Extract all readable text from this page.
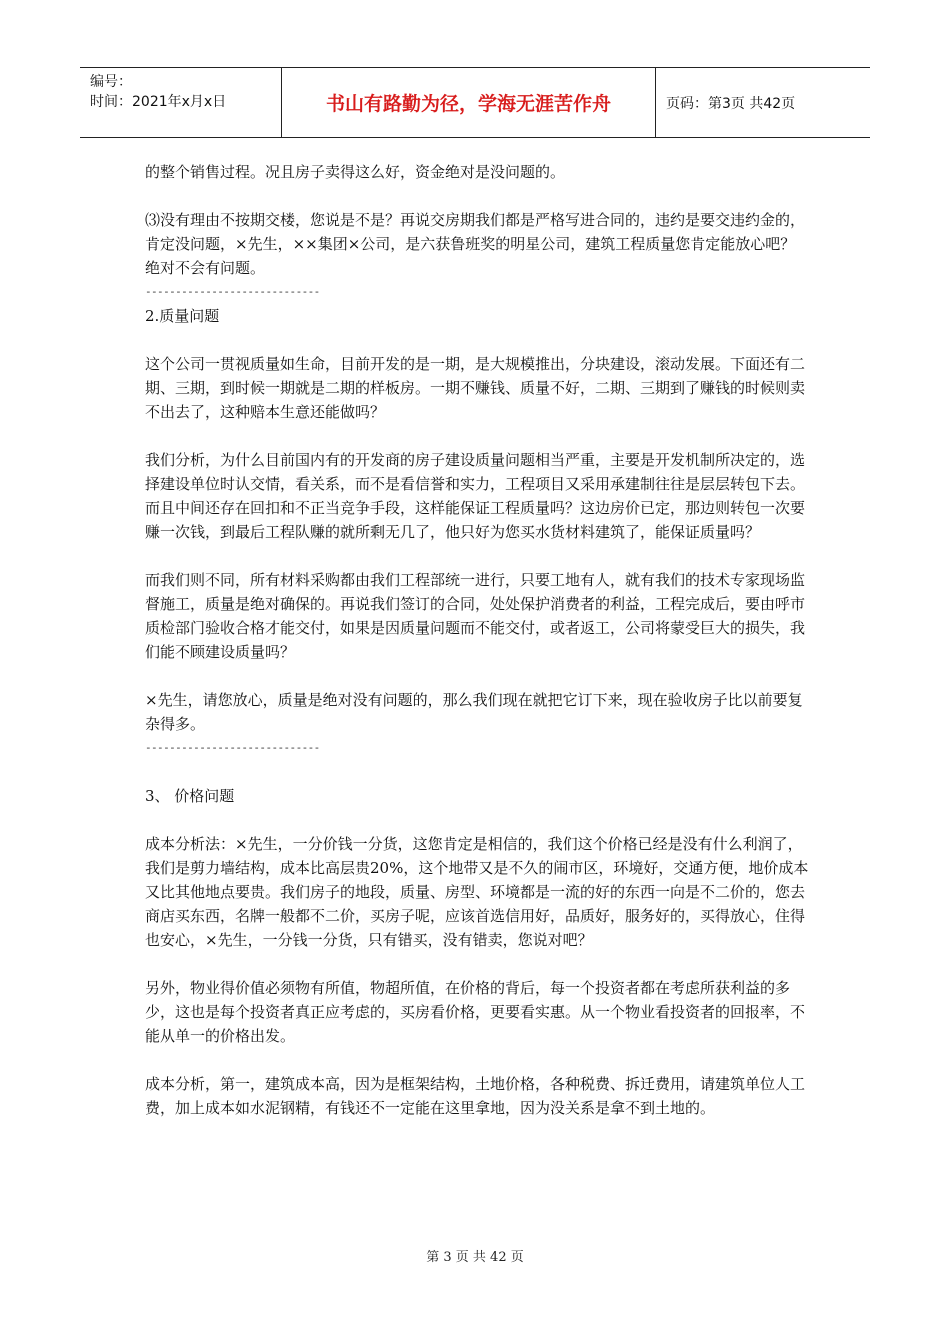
编号：
时间：2021年x月x日	书山有路勤为径，学海无涯苦作舟	页码：第3页 共42页

的整个销售过程。况且房子卖得这么好，资金绝对是没问题的。

⑶没有理由不按期交楼，您说是不是？再说交房期我们都是严格写进合同的，违约是要交违约金的，肯定没问题，×先生，××集团×公司，是六获鲁班奖的明星公司，建筑工程质量您肯定能放心吧？绝对不会有问题。

-----------------------------

2.质量问题

这个公司一贯视质量如生命，目前开发的是一期，是大规模推出，分块建设，滚动发展。下面还有二期、三期，到时候一期就是二期的样板房。一期不赚钱、质量不好，二期、三期到了赚钱的时候则卖不出去了，这种赔本生意还能做吗？

我们分析，为什么目前国内有的开发商的房子建设质量问题相当严重，主要是开发机制所决定的，选择建设单位时认交情，看关系，而不是看信誉和实力，工程项目又采用承建制往往是层层转包下去。而且中间还存在回扣和不正当竞争手段，这样能保证工程质量吗？这边房价已定，那边则转包一次要赚一次钱，到最后工程队赚的就所剩无几了，他只好为您买水货材料建筑了，能保证质量吗？

而我们则不同，所有材料采购都由我们工程部统一进行，只要工地有人，就有我们的技术专家现场监督施工，质量是绝对确保的。再说我们签订的合同，处处保护消费者的利益，工程完成后，要由呼市质检部门验收合格才能交付，如果是因质量问题而不能交付，或者返工，公司将蒙受巨大的损失，我们能不顾建设质量吗？

×先生，请您放心，质量是绝对没有问题的，那么我们现在就把它订下来，现在验收房子比以前要复杂得多。

-----------------------------

3、 价格问题

成本分析法：×先生，一分价钱一分货，这您肯定是相信的，我们这个价格已经是没有什么利润了，我们是剪力墙结构，成本比高层贵20%，这个地带又是不久的闹市区，环境好，交通方便，地价成本又比其他地点要贵。我们房子的地段，质量、房型、环境都是一流的好的东西一向是不二价的，您去商店买东西，名牌一般都不二价，买房子呢，应该首选信用好，品质好，服务好的，买得放心，住得也安心，×先生，一分钱一分货，只有错买，没有错卖，您说对吧？

另外，物业得价值必须物有所值，物超所值，在价格的背后，每一个投资者都在考虑所获利益的多少，这也是每个投资者真正应考虑的，买房看价格，更要看实惠。从一个物业看投资者的回报率，不能从单一的价格出发。

成本分析，第一，建筑成本高，因为是框架结构，土地价格，各种税费、拆迁费用，请建筑单位人工费，加上成本如水泥钢精，有钱还不一定能在这里拿地，因为没关系是拿不到土地的。

第 3 页 共 42 页
